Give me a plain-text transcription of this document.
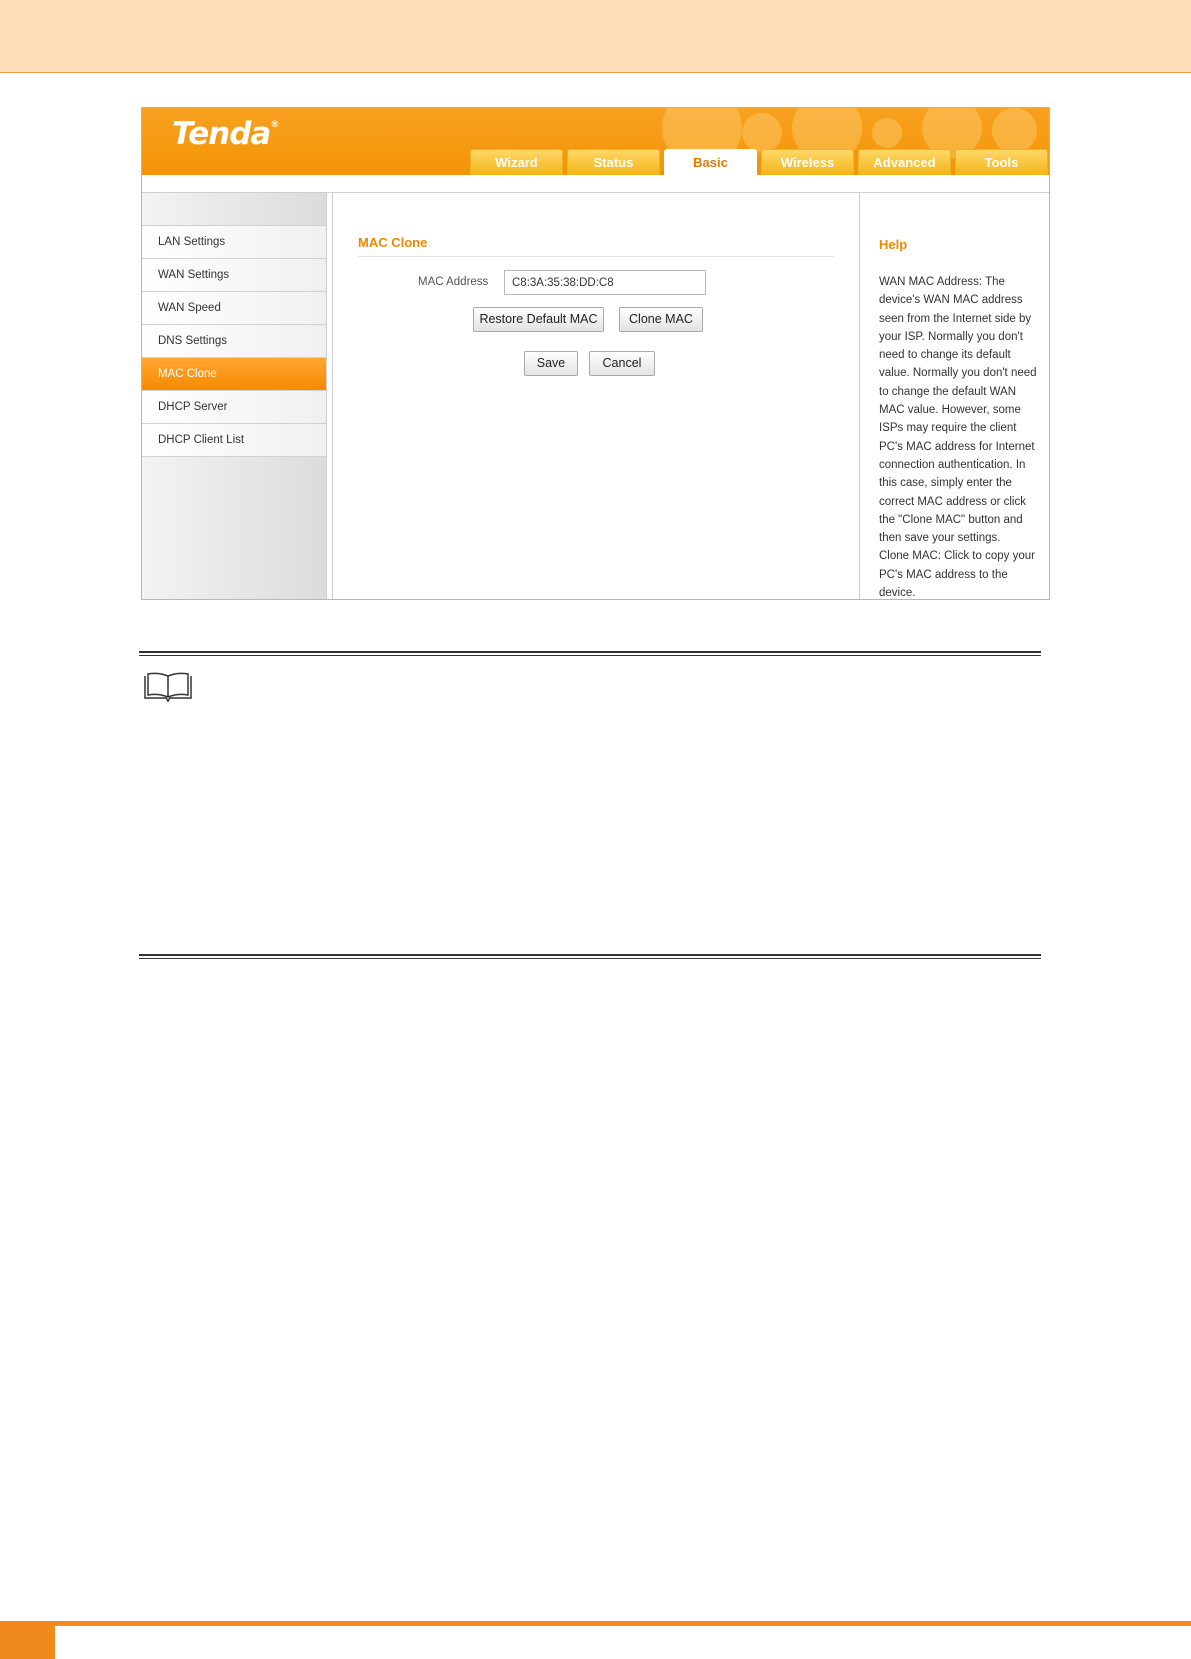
Tenda®
Wizard	Status	Basic	Wireless	Advanced	Tools
LAN Settings
WAN Settings
WAN Speed
DNS Settings
MAC Clone
DHCP Server
DHCP Client List
MAC Clone
MAC Address
C8:3A:35:38:DD:C8
Restore Default MAC	Clone MAC
Save	Cancel
Help
WAN MAC Address: The
device's WAN MAC address
seen from the Internet side by
your ISP. Normally you don't
need to change its default
value. Normally you don't need
to change the default WAN
MAC value. However, some
ISPs may require the client
PC's MAC address for Internet
connection authentication. In
this case, simply enter the
correct MAC address or click
the "Clone MAC" button and
then save your settings.
Clone MAC: Click to copy your
PC's MAC address to the
device.
